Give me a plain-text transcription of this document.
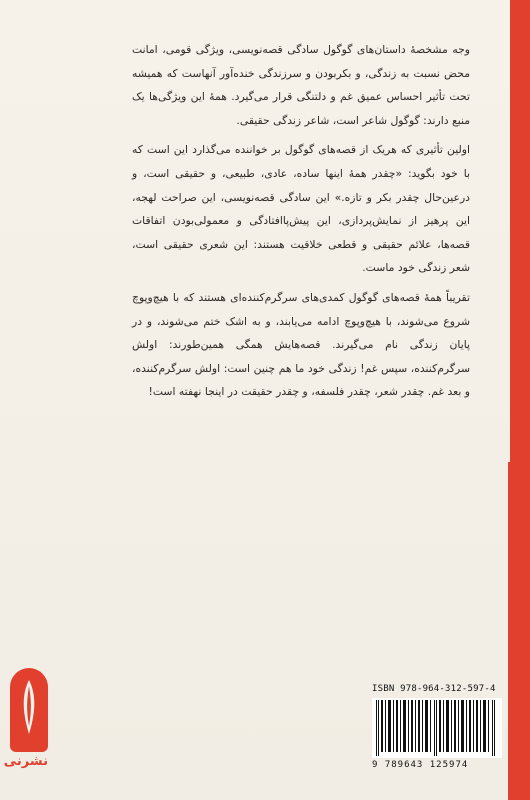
وجه مشخصهٔ داستان‌های گوگول سادگی قصه‌نویسی، ویژگی قومی، امانت محض نسبت به زندگی، و بکربودن و سرزندگی خنده‌آور آنهاست که همیشه تحت تأثیر احساس عمیق غم و دلتنگی قرار می‌گیرد. همهٔ این ویژگی‌ها یک منبع دارند: گوگول شاعر است، شاعر زندگی حقیقی.

اولین تأثیری که هریک از قصه‌های گوگول بر خواننده می‌گذارد این است که با خود بگوید: «چقدر همهٔ اینها ساده، عادی، طبیعی، و حقیقی است، و درعین‌حال چقدر بکر و تازه.» این سادگی قصه‌نویسی، این صراحت لهجه، این پرهیز از نمایش‌پردازی، این پیش‌پاافتادگی و معمولی‌بودن اتفاقات قصه‌ها، علائم حقیقی و قطعی خلاقیت هستند: این شعری حقیقی است، شعر زندگی خود ماست.

تقریباً همهٔ قصه‌های گوگول کمدی‌های سرگرم‌کننده‌ای هستند که با هیچ‌وپوچ شروع می‌شوند، با هیچ‌وپوچ ادامه می‌یابند، و به اشک ختم می‌شوند، و در پایان زندگی نام می‌گیرند. قصه‌هایش همگی همین‌طورند: اولش سرگرم‌کننده، سپس غم! زندگی خود ما هم چنین است: اولش سرگرم‌کننده، و بعد غم. چقدر شعر، چقدر فلسفه، و چقدر حقیقت در اینجا نهفته است!

نشرنی
ISBN 978-964-312-597-4
9 789643 125974
